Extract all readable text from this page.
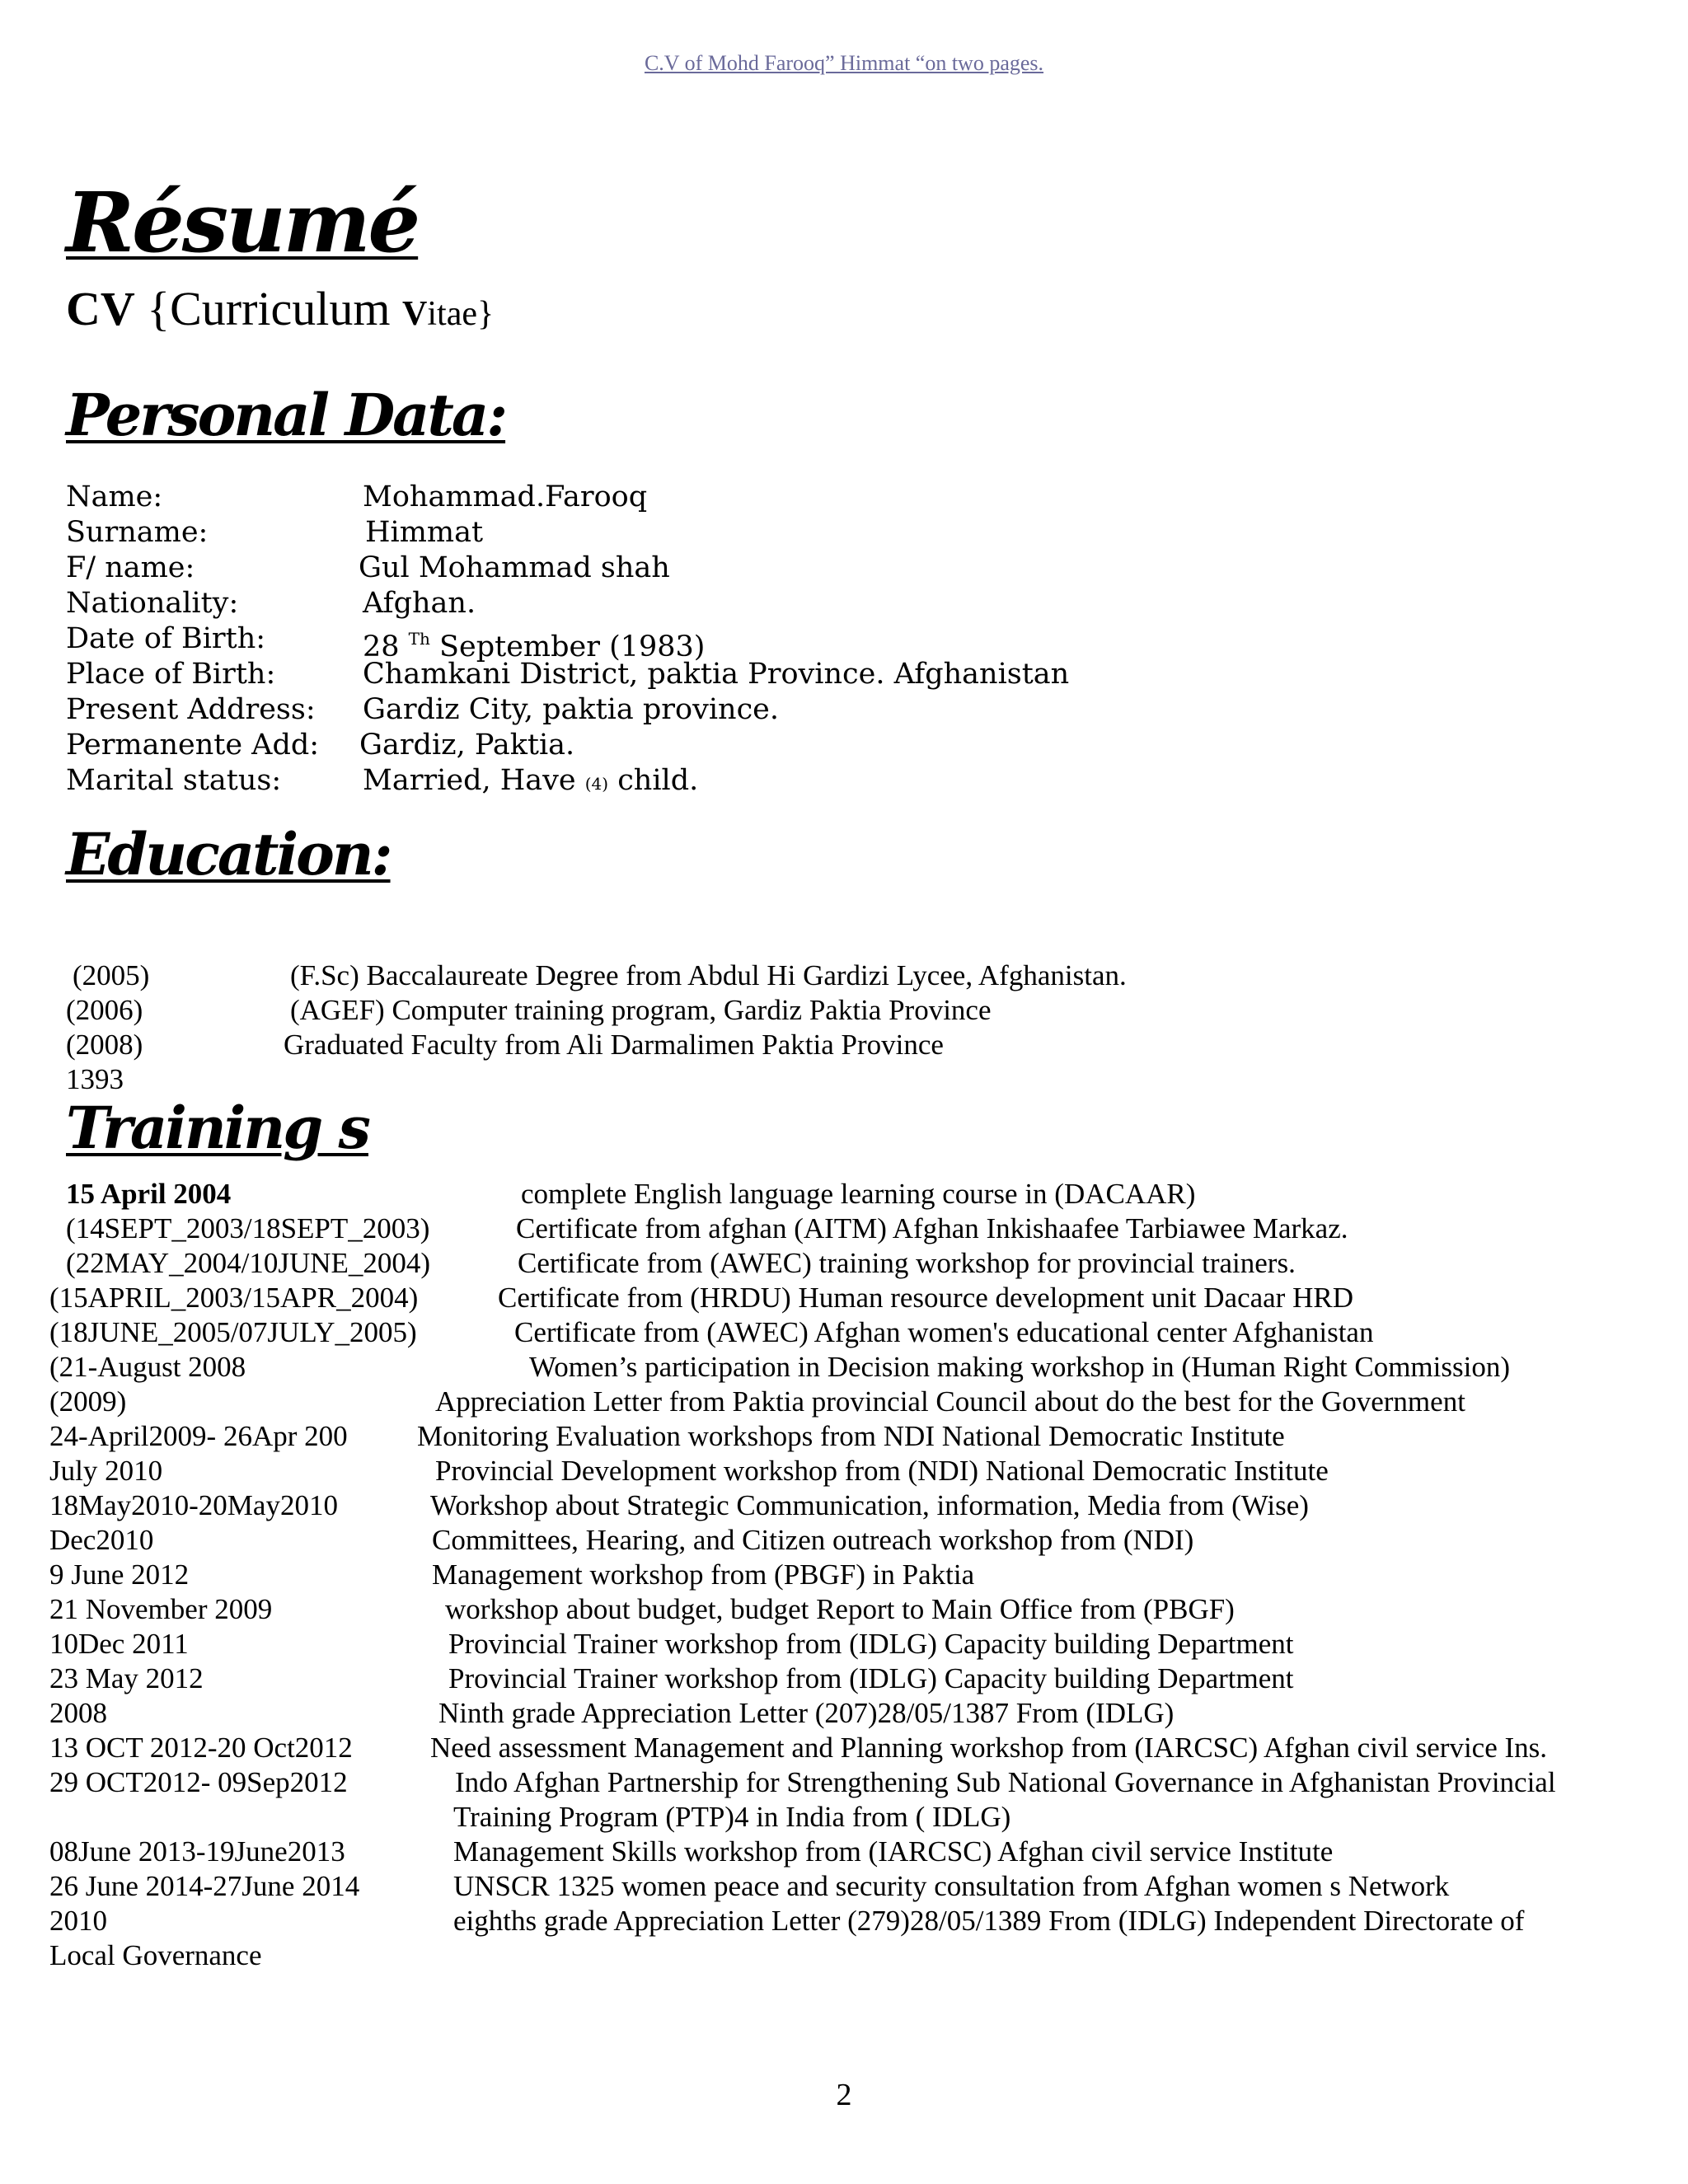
C.V of Mohd Farooq” Himmat “on two pages.
Résumé
CV {Curriculum Vitae}
Personal Data:
Name:	Mohammad.Farooq
Surname:	Himmat
F/ name:	Gul Mohammad shah
Nationality:	Afghan.
Date of Birth:	28 $^{Th}$ September (1983)
Place of Birth:	Chamkani District, paktia Province. Afghanistan
Present Address: Gardiz City, paktia province.
Permanente Add: Gardiz, Paktia.
Marital status:	Married, Have (4) child.
Education:
(2005)	(F.Sc) Baccalaureate Degree from Abdul Hi Gardizi Lycee, Afghanistan.
(2006)	(AGEF) Computer training program, Gardiz Paktia Province
(2008)	Graduated Faculty from Ali Darmalimen Paktia Province
1393
Training s
15 April 2004	complete English language learning course in (DACAAR)
(14SEPT_2003/18SEPT_2003)	Certificate from afghan (AITM) Afghan Inkishaafee Tarbiawee Markaz.
(22MAY_2004/10JUNE_2004)	Certificate from (AWEC) training workshop for provincial trainers.
(15APRIL_2003/15APR_2004)	Certificate from (HRDU) Human resource development unit Dacaar HRD
(18JUNE_2005/07JULY_2005)	Certificate from (AWEC) Afghan women's educational center Afghanistan
(21-August 2008	Women’s participation in Decision making workshop in (Human Right Commission)
(2009)	Appreciation Letter from Paktia provincial Council about do the best for the Government
24-April2009- 26Apr 200 Monitoring Evaluation workshops from NDI National Democratic Institute
July 2010	Provincial Development workshop from (NDI) National Democratic Institute
18May2010-20May2010	Workshop about Strategic Communication, information, Media from (Wise)
Dec2010	Committees, Hearing, and Citizen outreach workshop from (NDI)
9 June 2012	Management workshop from (PBGF) in Paktia
21 November 2009	workshop about budget, budget Report to Main Office from (PBGF)
10Dec 2011	Provincial Trainer workshop from (IDLG) Capacity building Department
23 May 2012	Provincial Trainer workshop from (IDLG) Capacity building Department
2008	Ninth grade Appreciation Letter (207)28/05/1387 From (IDLG)
13 OCT 2012-20 Oct2012	Need assessment Management and Planning workshop from (IARCSC) Afghan civil service Ins.
29 OCT2012- 09Sep2012	Indo Afghan Partnership for Strengthening Sub National Governance in Afghanistan Provincial
Training Program (PTP)4 in India from ( IDLG)
08June 2013-19June2013	Management Skills workshop from (IARCSC) Afghan civil service Institute
26 June 2014-27June 2014	UNSCR 1325 women peace and security consultation from Afghan women s Network
2010	eighths grade Appreciation Letter (279)28/05/1389 From (IDLG) Independent Directorate of
Local Governance
2
